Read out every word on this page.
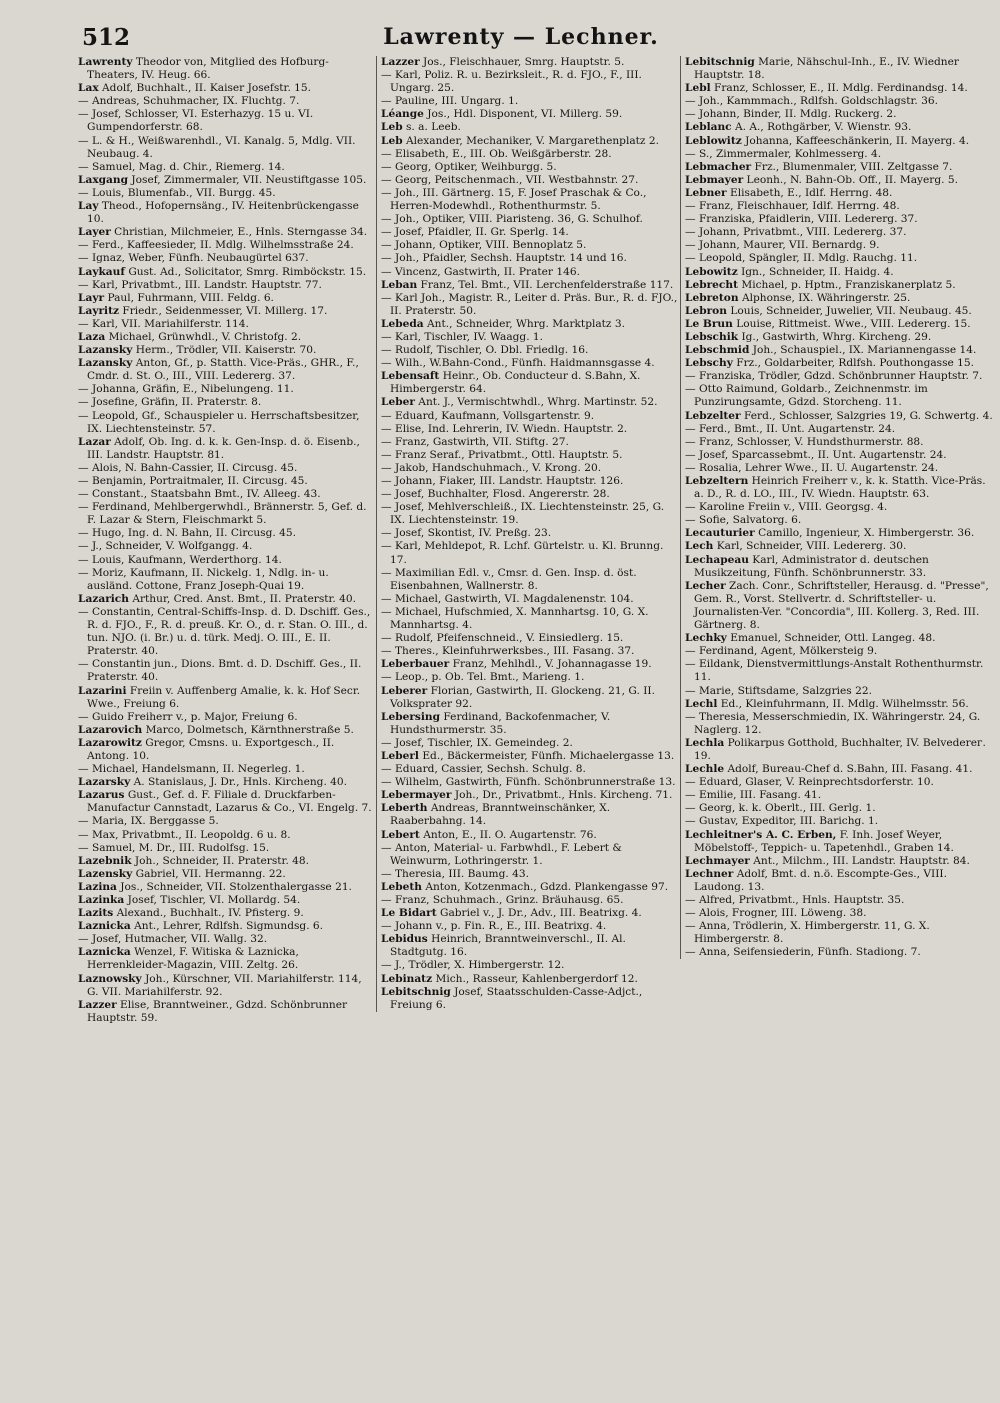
512	Lawrenty — Lechner.

Lawrenty Theodor von, Mitglied des Hofburg-Theaters, IV. Heug. 66.

Lax Adolf, Buchhalt., II. Kaiser Josefstr. 15.

— Andreas, Schuhmacher, IX. Fluchtg. 7.

— Josef, Schlosser, VI. Esterhazyg. 15 u. VI. Gumpendorferstr. 68.

— L. & H., Weißwarenhdl., VI. Kanalg. 5, Mdlg. VII. Neubaug. 4.

— Samuel, Mag. d. Chir., Riemerg. 14.

Laxgang Josef, Zimmermaler, VII. Neustiftgasse 105.

— Louis, Blumenfab., VII. Burgg. 45.

Lay Theod., Hofopernsäng., IV. Heitenbrückengasse 10.

Layer Christian, Milchmeier, E., Hnls. Sterngasse 34.

— Ferd., Kaffeesieder, II. Mdlg. Wilhelmsstraße 24.

— Ignaz, Weber, Fünfh. Neubaugürtel 637.

Laykauf Gust. Ad., Solicitator, Smrg. Rimböckstr. 15.

— Karl, Privatbmt., III. Landstr. Hauptstr. 77.

Layr Paul, Fuhrmann, VIII. Feldg. 6.

Layritz Friedr., Seidenmesser, VI. Millerg. 17.

— Karl, VII. Mariahilferstr. 114.

Laza Michael, Grünwhdl., V. Christofg. 2.

Lazansky Herm., Trödler, VII. Kaiserstr. 70.

Lazansky Anton, Gf., p. Statth. Vice-Präs., GHR., F., Cmdr. d. St. O., III., VIII. Ledererg. 37.

— Johanna, Gräfin, E., Nibelungeng. 11.

— Josefine, Gräfin, II. Praterstr. 8.

— Leopold, Gf., Schauspieler u. Herrschaftsbesitzer, IX. Liechtensteinstr. 57.

Lazar Adolf, Ob. Ing. d. k. k. Gen-Insp. d. ö. Eisenb., III. Landstr. Hauptstr. 81.

— Alois, N. Bahn-Cassier, II. Circusg. 45.

— Benjamin, Portraitmaler, II. Circusg. 45.

— Constant., Staatsbahn Bmt., IV. Alleeg. 43.

— Ferdinand, Mehlbergerwhdl., Brännerstr. 5, Gef. d. F. Lazar & Stern, Fleischmarkt 5.

— Hugo, Ing. d. N. Bahn, II. Circusg. 45.

— J., Schneider, V. Wolfgangg. 4.

— Louis, Kaufmann, Werderthorg. 14.

— Moriz, Kaufmann, II. Nickelg. 1, Ndlg. in- u. ausländ. Cottone, Franz Joseph-Quai 19.

Lazarich Arthur, Cred. Anst. Bmt., II. Praterstr. 40.

— Constantin, Central-Schiffs-Insp. d. D. Dschiff. Ges., R. d. FJO., F., R. d. preuß. Kr. O., d. r. Stan. O. III., d. tun. NJO. (i. Br.) u. d. türk. Medj. O. III., E. II. Praterstr. 40.

— Constantin jun., Dions. Bmt. d. D. Dschiff. Ges., II. Praterstr. 40.

Lazarini Freiin v. Auffenberg Amalie, k. k. Hof Secr. Wwe., Freiung 6.

— Guido Freiherr v., p. Major, Freiung 6.

Lazarovich Marco, Dolmetsch, Kärnthnerstraße 5.

Lazarowitz Gregor, Cmsns. u. Exportgesch., II. Antong. 10.

— Michael, Handelsmann, II. Negerleg. 1.

Lazarsky A. Stanislaus, J. Dr., Hnls. Kircheng. 40.

Lazarus Gust., Gef. d. F. Filiale d. Druckfarben-Manufactur Cannstadt, Lazarus & Co., VI. Engelg. 7.

— Maria, IX. Berggasse 5.

— Max, Privatbmt., II. Leopoldg. 6 u. 8.

— Samuel, M. Dr., III. Rudolfsg. 15.

Lazebnik Joh., Schneider, II. Praterstr. 48.

Lazensky Gabriel, VII. Hermanng. 22.

Lazina Jos., Schneider, VII. Stolzenthalergasse 21.

Lazinka Josef, Tischler, VI. Mollardg. 54.

Lazits Alexand., Buchhalt., IV. Pfisterg. 9.

Laznicka Ant., Lehrer, Rdlfsh. Sigmundsg. 6.

— Josef, Hutmacher, VII. Wallg. 32.

Laznicka Wenzel, F. Witiska & Laznicka, Herrenkleider-Magazin, VIII. Zeltg. 26.

Laznowsky Joh., Kürschner, VII. Mariahilferstr. 114, G. VII. Mariahilferstr. 92.

Lazzer Elise, Branntweiner., Gdzd. Schönbrunner Hauptstr. 59.

Lazzer Jos., Fleischhauer, Smrg. Hauptstr. 5.

— Karl, Poliz. R. u. Bezirksleit., R. d. FJO., F., III. Ungarg. 25.

— Pauline, III. Ungarg. 1.

Léange Jos., Hdl. Disponent, VI. Millerg. 59.

Leb s. a. Leeb.

Leb Alexander, Mechaniker, V. Margarethenplatz 2.

— Elisabeth, E., III. Ob. Weißgärberstr. 28.

— Georg, Optiker, Weihburgg. 5.

— Georg, Peitschenmach., VII. Westbahnstr. 27.

— Joh., III. Gärtnerg. 15, F. Josef Praschak & Co., Herren-Modewhdl., Rothenthurmstr. 5.

— Joh., Optiker, VIII. Piaristeng. 36, G. Schulhof.

— Josef, Pfaidler, II. Gr. Sperlg. 14.

— Johann, Optiker, VIII. Bennoplatz 5.

— Joh., Pfaidler, Sechsh. Hauptstr. 14 und 16.

— Vincenz, Gastwirth, II. Prater 146.

Leban Franz, Tel. Bmt., VII. Lerchenfelderstraße 117.

— Karl Joh., Magistr. R., Leiter d. Präs. Bur., R. d. FJO., II. Praterstr. 50.

Lebeda Ant., Schneider, Whrg. Marktplatz 3.

— Karl, Tischler, IV. Waagg. 1.

— Rudolf, Tischler, O. Dbl. Friedlg. 16.

— Wilh., W.Bahn-Cond., Fünfh. Haidmannsgasse 4.

Lebensaft Heinr., Ob. Conducteur d. S.Bahn, X. Himbergerstr. 64.

Leber Ant. J., Vermischtwhdl., Whrg. Martinstr. 52.

— Eduard, Kaufmann, Vollsgartenstr. 9.

— Elise, Ind. Lehrerin, IV. Wiedn. Hauptstr. 2.

— Franz, Gastwirth, VII. Stiftg. 27.

— Franz Seraf., Privatbmt., Ottl. Hauptstr. 5.

— Jakob, Handschuhmach., V. Krong. 20.

— Johann, Fiaker, III. Landstr. Hauptstr. 126.

— Josef, Buchhalter, Flosd. Angererstr. 28.

— Josef, Mehlverschleiß., IX. Liechtensteinstr. 25, G. IX. Liechtensteinstr. 19.

— Josef, Skontist, IV. Preßg. 23.

— Karl, Mehldepot, R. Lchf. Gürtelstr. u. Kl. Brunng. 17.

— Maximilian Edl. v., Cmsr. d. Gen. Insp. d. öst. Eisenbahnen, Wallnerstr. 8.

— Michael, Gastwirth, VI. Magdalenenstr. 104.

— Michael, Hufschmied, X. Mannhartsg. 10, G. X. Mannhartsg. 4.

— Rudolf, Pfeifenschneid., V. Einsiedlerg. 15.

— Theres., Kleinfuhrwerksbes., III. Fasang. 37.

Leberbauer Franz, Mehlhdl., V. Johannagasse 19.

— Leop., p. Ob. Tel. Bmt., Marieng. 1.

Leberer Florian, Gastwirth, II. Glockeng. 21, G. II. Volksprater 92.

Lebersing Ferdinand, Backofenmacher, V. Hundsthurmerstr. 35.

— Josef, Tischler, IX. Gemeindeg. 2.

Leberl Ed., Bäckermeister, Fünfh. Michaelergasse 13.

— Eduard, Cassier, Sechsh. Schulg. 8.

— Wilhelm, Gastwirth, Fünfh. Schönbrunnerstraße 13.

Lebermayer Joh., Dr., Privatbmt., Hnls. Kircheng. 71.

Leberth Andreas, Branntweinschänker, X. Raaberbahng. 14.

Lebert Anton, E., II. O. Augartenstr. 76.

— Anton, Material- u. Farbwhdl., F. Lebert & Weinwurm, Lothringerstr. 1.

— Theresia, III. Baumg. 43.

Lebeth Anton, Kotzenmach., Gdzd. Plankengasse 97.

— Franz, Schuhmach., Grinz. Bräuhausg. 65.

Le Bidart Gabriel v., J. Dr., Adv., III. Beatrixg. 4.

— Johann v., p. Fin. R., E., III. Beatrixg. 4.

Lebidus Heinrich, Branntweinverschl., II. Al. Stadtgutg. 16.

— J., Trödler, X. Himbergerstr. 12.

Lebinatz Mich., Rasseur, Kahlenbergerdorf 12.

Lebitschnig Josef, Staatsschulden-Casse-Adjct., Freiung 6.

Lebitschnig Marie, Nähschul-Inh., E., IV. Wiedner Hauptstr. 18.

Lebl Franz, Schlosser, E., II. Mdlg. Ferdinandsg. 14.

— Joh., Kammmach., Rdlfsh. Goldschlagstr. 36.

— Johann, Binder, II. Mdlg. Ruckerg. 2.

Leblanc A. A., Rothgärber, V. Wienstr. 93.

Leblowitz Johanna, Kaffeeschänkerin, II. Mayerg. 4.

— S., Zimmermaler, Kohlmesserg. 4.

Lebmacher Frz., Blumenmaler, VIII. Zeltgasse 7.

Lebmayer Leonh., N. Bahn-Ob. Off., II. Mayerg. 5.

Lebner Elisabeth, E., Idlf. Herrng. 48.

— Franz, Fleischhauer, Idlf. Herrng. 48.

— Franziska, Pfaidlerin, VIII. Ledererg. 37.

— Johann, Privatbmt., VIII. Ledererg. 37.

— Johann, Maurer, VII. Bernardg. 9.

— Leopold, Spängler, II. Mdlg. Rauchg. 11.

Lebowitz Ign., Schneider, II. Haidg. 4.

Lebrecht Michael, p. Hptm., Franziskanerplatz 5.

Lebreton Alphonse, IX. Währingerstr. 25.

Lebron Louis, Schneider, Juwelier, VII. Neubaug. 45.

Le Brun Louise, Rittmeist. Wwe., VIII. Ledererg. 15.

Lebschik Ig., Gastwirth, Whrg. Kircheng. 29.

Lebschmid Joh., Schauspiel., IX. Mariannengasse 14.

Lebschy Frz., Goldarbeiter, Rdlfsh. Pouthongasse 15.

— Franziska, Trödler, Gdzd. Schönbrunner Hauptstr. 7.

— Otto Raimund, Goldarb., Zeichnenmstr. im Punzirungsamte, Gdzd. Storcheng. 11.

Lebzelter Ferd., Schlosser, Salzgries 19, G. Schwertg. 4.

— Ferd., Bmt., II. Unt. Augartenstr. 24.

— Franz, Schlosser, V. Hundsthurmerstr. 88.

— Josef, Sparcassebmt., II. Unt. Augartenstr. 24.

— Rosalia, Lehrer Wwe., II. U. Augartenstr. 24.

Lebzeltern Heinrich Freiherr v., k. k. Statth. Vice-Präs. a. D., R. d. LO., III., IV. Wiedn. Hauptstr. 63.

— Karoline Freiin v., VIII. Georgsg. 4.

— Sofie, Salvatorg. 6.

Lecauturier Camillo, Ingenieur, X. Himbergerstr. 36.

Lech Karl, Schneider, VIII. Ledererg. 30.

Lechapeau Karl, Administrator d. deutschen Musikzeitung, Fünfh. Schönbrunnerstr. 33.

Lecher Zach. Conr., Schriftsteller, Herausg. d. "Presse", Gem. R., Vorst. Stellvertr. d. Schriftsteller- u. Journalisten-Ver. "Concordia", III. Kollerg. 3, Red. III. Gärtnerg. 8.

Lechky Emanuel, Schneider, Ottl. Langeg. 48.

— Ferdinand, Agent, Mölkersteig 9.

— Eildank, Dienstvermittlungs-Anstalt Rothenthurmstr. 11.

— Marie, Stiftsdame, Salzgries 22.

Lechl Ed., Kleinfuhrmann, II. Mdlg. Wilhelmsstr. 56.

— Theresia, Messerschmiedin, IX. Währingerstr. 24, G. Naglerg. 12.

Lechla Polikarpus Gotthold, Buchhalter, IV. Belvederег. 19.

Lechle Adolf, Bureau-Chef d. S.Bahn, III. Fasang. 41.

— Eduard, Glaser, V. Reinprechtsdorferstr. 10.

— Emilie, III. Fasang. 41.

— Georg, k. k. Oberlt., III. Gerlg. 1.

— Gustav, Expeditor, III. Barichg. 1.

Lechleitner's A. C. Erben, F. Inh. Josef Weyer, Möbelstoff-, Teppich- u. Tapetenhdl., Graben 14.

Lechmayer Ant., Milchm., III. Landstr. Hauptstr. 84.

Lechner Adolf, Bmt. d. n.ö. Escompte-Ges., VIII. Laudong. 13.

— Alfred, Privatbmt., Hnls. Hauptstr. 35.

— Alois, Frogner, III. Löweng. 38.

— Anna, Trödlerin, X. Himbergerstr. 11, G. X. Himbergerstr. 8.

— Anna, Seifensiederin, Fünfh. Stadiong. 7.
